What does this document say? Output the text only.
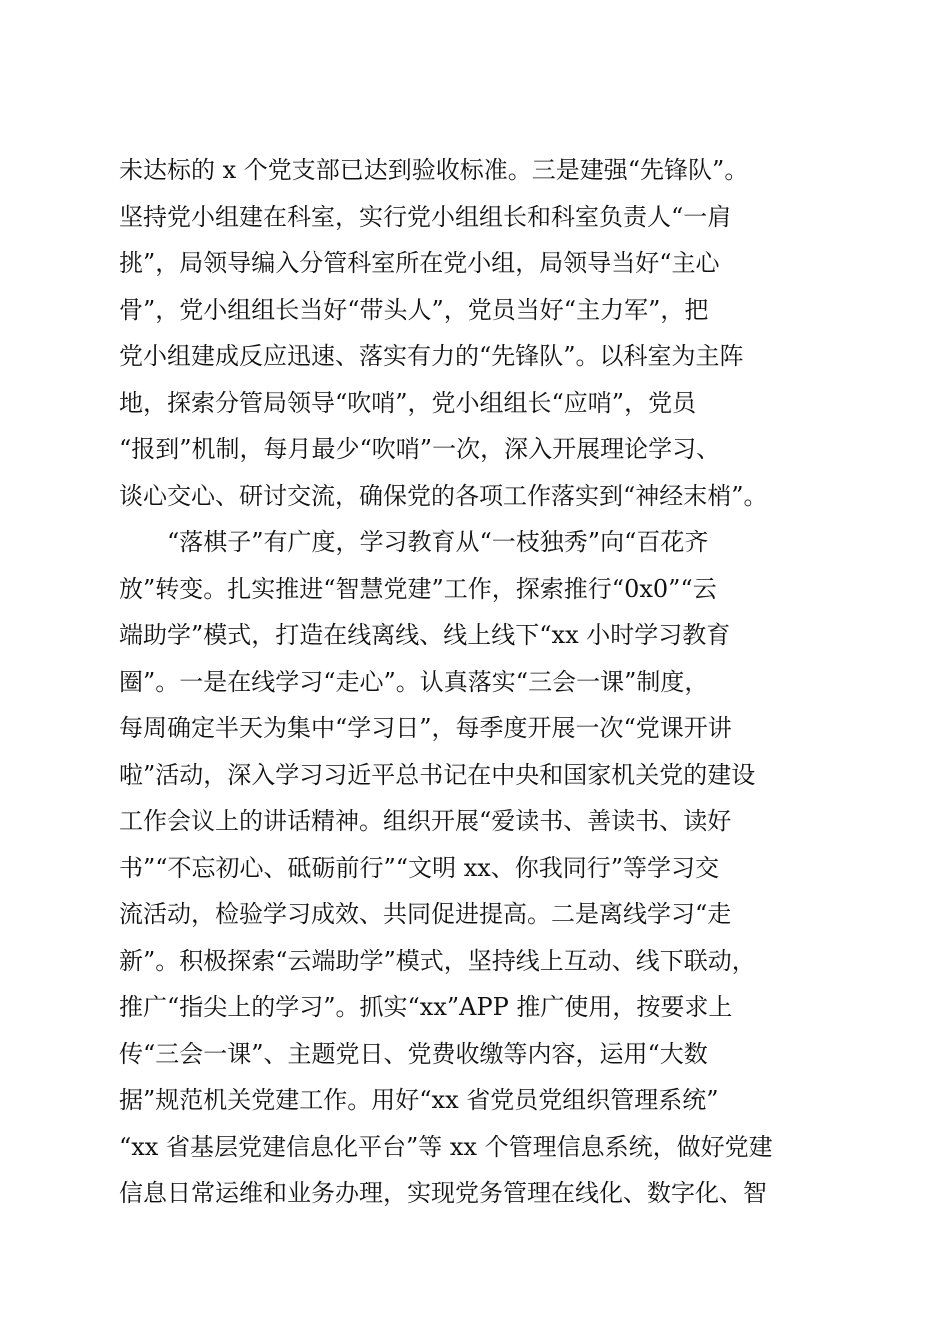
未达标的 x 个党支部已达到验收标准。三是建强“先锋队”。
坚持党小组建在科室，实行党小组组长和科室负责人“一肩
挑”，局领导编入分管科室所在党小组，局领导当好“主心
骨”，党小组组长当好“带头人”，党员当好“主力军”，把
党小组建成反应迅速、落实有力的“先锋队”。以科室为主阵
地，探索分管局领导“吹哨”，党小组组长“应哨”，党员
“报到”机制，每月最少“吹哨”一次，深入开展理论学习、
谈心交心、研讨交流，确保党的各项工作落实到“神经末梢”。
　　“落棋子”有广度，学习教育从“一枝独秀”向“百花齐
放”转变。扎实推进“智慧党建”工作，探索推行“0x0”“云
端助学”模式，打造在线离线、线上线下“xx 小时学习教育
圈”。一是在线学习“走心”。认真落实“三会一课”制度，
每周确定半天为集中“学习日”，每季度开展一次“党课开讲
啦”活动，深入学习习近平总书记在中央和国家机关党的建设
工作会议上的讲话精神。组织开展“爱读书、善读书、读好
书”“不忘初心、砥砺前行”“文明 xx、你我同行”等学习交
流活动，检验学习成效、共同促进提高。二是离线学习“走
新”。积极探索“云端助学”模式，坚持线上互动、线下联动，
推广“指尖上的学习”。抓实“xx”APP 推广使用，按要求上
传“三会一课”、主题党日、党费收缴等内容，运用“大数
据”规范机关党建工作。用好“xx 省党员党组织管理系统”
“xx 省基层党建信息化平台”等 xx 个管理信息系统，做好党建
信息日常运维和业务办理，实现党务管理在线化、数字化、智
